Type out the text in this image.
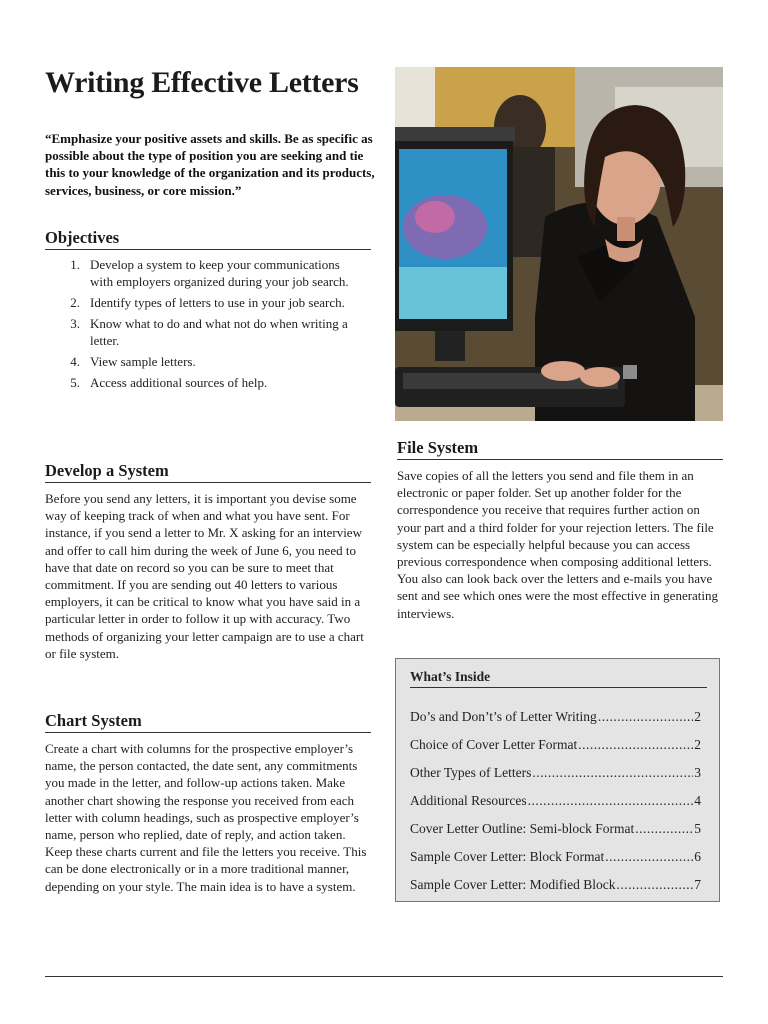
Writing Effective Letters

“Emphasize your positive assets and skills. Be as specific as possible about the type of position you are seeking and tie this to your knowledge of the organization and its products, services, business, or core mission.”

Objectives
1. Develop a system to keep your communications with employers organized during your job search.
2. Identify types of letters to use in your job search.
3. Know what to do and what not do when writing a letter.
4. View sample letters.
5. Access additional sources of help.
Develop a System

Before you send any letters, it is important you devise some way of keeping track of when and what you have sent. For instance, if you send a letter to Mr. X asking for an interview and offer to call him during the week of June 6, you need to have that date on record so you can be sure to meet that commitment. If you are sending out 40 letters to various employers, it can be critical to know what you have said in a particular letter in order to follow it up with accuracy. Two methods of organizing your letter campaign are to use a chart or file system.

Chart System

Create a chart with columns for the prospective employer’s name, the person contacted, the date sent, any commitments you made in the letter, and follow-up actions taken. Make another chart showing the response you received from each letter with column headings, such as prospective employer’s name, person who replied, date of reply, and action taken. Keep these charts current and file the letters you receive. This can be done electronically or in a more traditional manner, depending on your style. The main idea is to have a system.

File System

Save copies of all the letters you send and file them in an electronic or paper folder. Set up another folder for the correspondence you receive that requires further action on your part and a third folder for your rejection letters. The file system can be especially helpful because you can access previous correspondence when composing additional letters. You also can look back over the letters and e-mails you have sent and see which ones were the most effective in generating interviews.

What’s Inside
Do’s and Don’t’s of Letter Writing .....	2
Choice of Cover Letter Format .....	2
Other Types of Letters .....	3
Additional Resources .....	4
Cover Letter Outline: Semi-block Format .....	5
Sample Cover Letter: Block Format .....	6
Sample Cover Letter: Modified Block .....	7
